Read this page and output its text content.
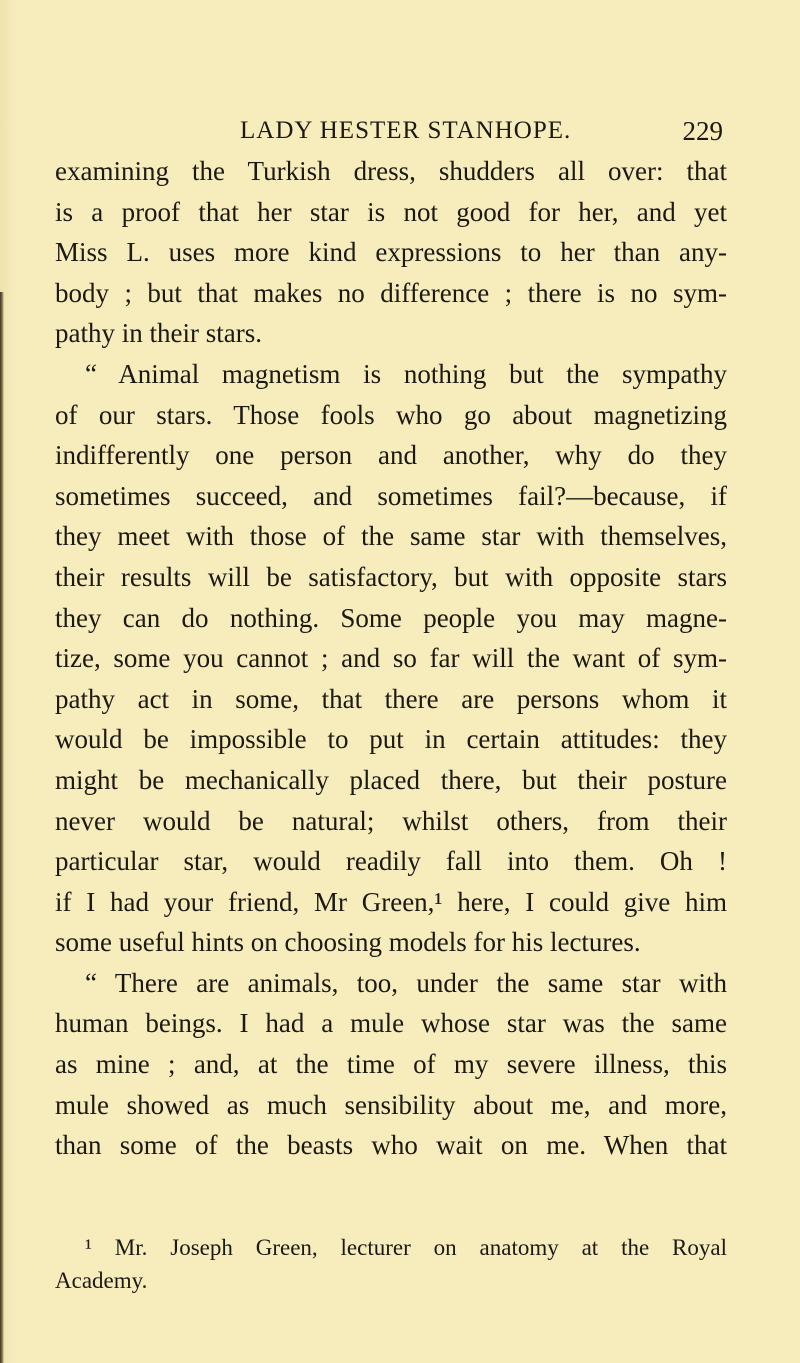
LADY HESTER STANHOPE.	229
examining the Turkish dress, shudders all over: that
is a proof that her star is not good for her, and yet
Miss L. uses more kind expressions to her than any-
body ; but that makes no difference ; there is no sym-
pathy in their stars.
“ Animal magnetism is nothing but the sympathy
of our stars. Those fools who go about magnetizing
indifferently one person and another, why do they
sometimes succeed, and sometimes fail?—because, if
they meet with those of the same star with themselves,
their results will be satisfactory, but with opposite stars
they can do nothing. Some people you may magne-
tize, some you cannot ; and so far will the want of sym-
pathy act in some, that there are persons whom it
would be impossible to put in certain attitudes: they
might be mechanically placed there, but their posture
never would be natural; whilst others, from their
particular star, would readily fall into them. Oh !
if I had your friend, Mr Green,¹ here, I could give him
some useful hints on choosing models for his lectures.
“ There are animals, too, under the same star with
human beings. I had a mule whose star was the same
as mine ; and, at the time of my severe illness, this
mule showed as much sensibility about me, and more,
than some of the beasts who wait on me. When that
¹ Mr. Joseph Green, lecturer on anatomy at the Royal
Academy.
